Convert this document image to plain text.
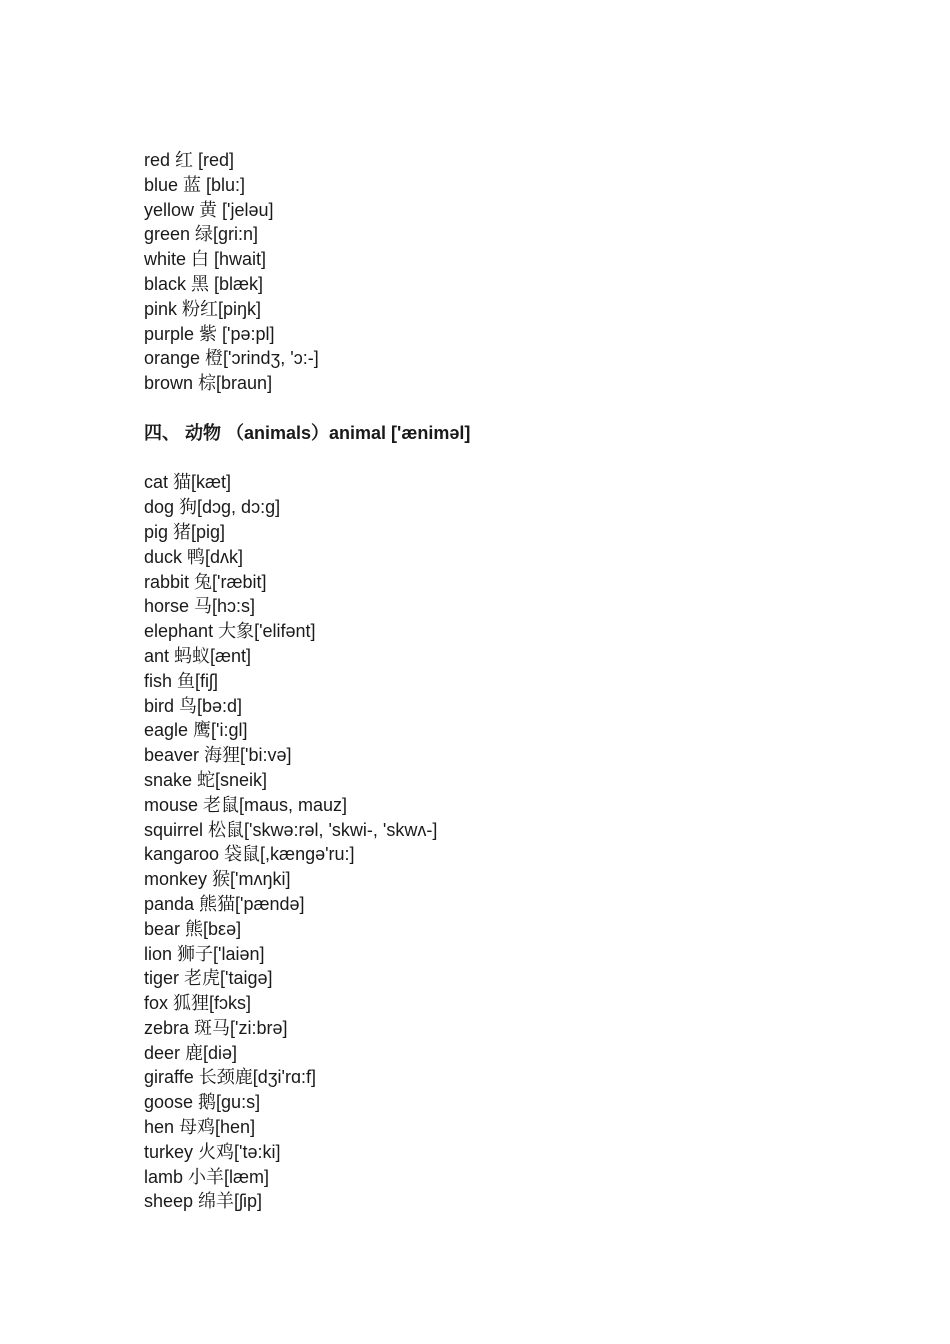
red 红 [red]
blue 蓝 [blu:]
yellow 黄 ['jeləu]
green 绿[ɡri:n]
white 白 [hwait]
black 黑 [blæk]
pink 粉红[piŋk]
purple 紫 ['pə:pl]
orange 橙['ɔrindʒ, 'ɔ:-]
brown 棕[braun]
四、 动物 （animals）animal ['æniməl]
cat 猫[kæt]
dog 狗[dɔɡ, dɔ:ɡ]
pig 猪[piɡ]
duck 鸭[dʌk]
rabbit 兔['ræbit]
horse 马[hɔ:s]
elephant 大象['elifənt]
ant 蚂蚁[ænt]
fish 鱼[fiʃ]
bird 鸟[bə:d]
eagle 鹰['i:ɡl]
beaver 海狸['bi:və]
snake 蛇[sneik]
mouse 老鼠[maus, mauz]
squirrel 松鼠['skwə:rəl, 'skwi-, 'skwʌ-]
kangaroo 袋鼠[,kænɡə'ru:]
monkey 猴['mʌŋki]
panda 熊猫['pændə]
bear 熊[bεə]
lion 狮子['laiən]
tiger 老虎['taiɡə]
fox 狐狸[fɔks]
zebra 斑马['zi:brə]
deer 鹿[diə]
giraffe 长颈鹿[dʒi'rɑ:f]
goose 鹅[ɡu:s]
hen 母鸡[hen]
turkey 火鸡['tə:ki]
lamb 小羊[læm]
sheep 绵羊[ʃip]
